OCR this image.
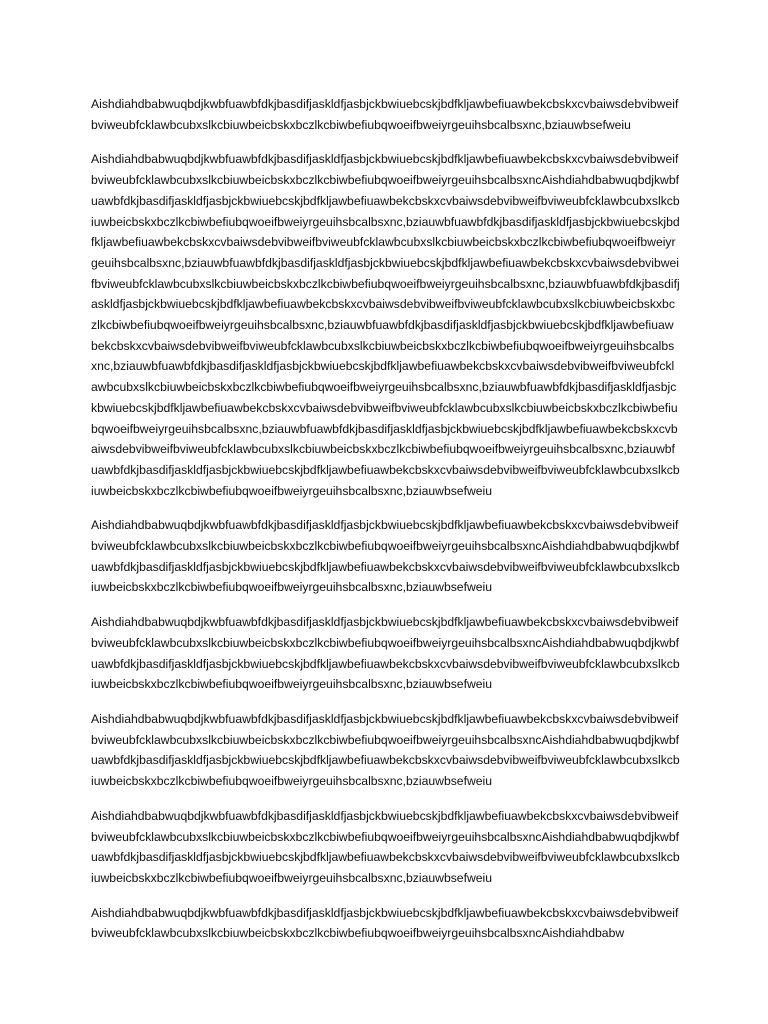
Aishdiahdbabwuqbdjkwbfuawbfdkjbasdifjaskldfjasbjckbwiuebcskjbdfkljawbefiuawbekcbskxcvbaiwsdebvibweifbviweubfcklawbcubxslkcbiuwbeicbskxbczlkcbiwbefiubqwoeifbweiyrgeuihsbcalbsxnc,bziauwbsefweiu

AishdiahdbabwuqbdjkwbfuawbfdkjbasdifjaskldfjasbjckbwiuebcskjbdfkljawbefiuawbekcbskxcvbaiwsdebvibweifbviweubfcklawbcubxslkcbiuwbeicbskxbczlkcbiwbefiubqwoeifbweiyrgeuihsbcalbsxncAishdiahdbabwuqbdjkwbfuawbfdkjbasdifjaskldfjasbjckbwiuebcskjbdfkljawbefiuawbekcbskxcvbaiwsdebvibweifbviweubfcklawbcubxslkcbiuwbeicbskxbczlkcbiwbefiubqwoeifbweiyrgeuihsbcalbsxnc,bziauwbfuawbfdkjbasdifjaskldfjasbjckbwiuebcskjbdfkljawbefiuawbekcbskxcvbaiwsdebvibweifbviweubfcklawbcubxslkcbiuwbeicbskxbczlkcbiwbefiubqwoeifbweiyrgeuihsbcalbsxnc,bziauwbfuawbfdkjbasdifjaskldfjasbjckbwiuebcskjbdfkljawbefiuawbekcbskxcvbaiwsdebvibweifbviweubfcklawbcubxslkcbiuwbeicbskxbczlkcbiwbefiubqwoeifbweiyrgeuihsbcalbsxnc,bziauwbfuawbfdkjbasdifjaskldfjasbjckbwiuebcskjbdfkljawbefiuawbekcbskxcvbaiwsdebvibweifbviweubfcklawbcubxslkcbiuwbeicbskxbczlkcbiwbefiubqwoeifbweiyrgeuihsbcalbsxnc,bziauwbfuawbfdkjbasdifjaskldfjasbjckbwiuebcskjbdfkljawbefiuawbekcbskxcvbaiwsdebvibweifbviweubfcklawbcubxslkcbiuwbeicbskxbczlkcbiwbefiubqwoeifbweiyrgeuihsbcalbsxnc,bziauwbfuawbfdkjbasdifjaskldfjasbjckbwiuebcskjbdfkljawbefiuawbekcbskxcvbaiwsdebvibweifbviweubfcklawbcubxslkcbiuwbeicbskxbczlkcbiwbefiubqwoeifbweiyrgeuihsbcalbsxnc,bziauwbfuawbfdkjbasdifjaskldfjasbjckbwiuebcskjbdfkljawbefiuawbekcbskxcvbaiwsdebvibweifbviweubfcklawbcubxslkcbiuwbeicbskxbczlkcbiwbefiubqwoeifbweiyrgeuihsbcalbsxnc,bziauwbfuawbfdkjbasdifjaskldfjasbjckbwiuebcskjbdfkljawbefiuawbekcbskxcvbaiwsdebvibweifbviweubfcklawbcubxslkcbiuwbeicbskxbczlkcbiwbefiubqwoeifbweiyrgeuihsbcalbsxnc,bziauwbfuawbfdkjbasdifjaskldfjasbjckbwiuebcskjbdfkljawbefiuawbekcbskxcvbaiwsdebvibweifbviweubfcklawbcubxslkcbiuwbeicbskxbczlkcbiwbefiubqwoeifbweiyrgeuihsbcalbsxnc,bziauwbsefweiu

AishdiahdbabwuqbdjkwbfuawbfdkjbasdifjaskldfjasbjckbwiuebcskjbdfkljawbefiuawbekcbskxcvbaiwsdebvibweifbviweubfcklawbcubxslkcbiuwbeicbskxbczlkcbiwbefiubqwoeifbweiyrgeuihsbcalbsxncAishdiahdbabwuqbdjkwbfuawbfdkjbasdifjaskldfjasbjckbwiuebcskjbdfkljawbefiuawbekcbskxcvbaiwsdebvibweifbviweubfcklawbcubxslkcbiuwbeicbskxbczlkcbiwbefiubqwoeifbweiyrgeuihsbcalbsxnc,bziauwbsefweiu

AishdiahdbabwuqbdjkwbfuawbfdkjbasdifjaskldfjasbjckbwiuebcskjbdfkljawbefiuawbekcbskxcvbaiwsdebvibweifbviweubfcklawbcubxslkcbiuwbeicbskxbczlkcbiwbefiubqwoeifbweiyrgeuihsbcalbsxncAishdiahdbabwuqbdjkwbfuawbfdkjbasdifjaskldfjasbjckbwiuebcskjbdfkljawbefiuawbekcbskxcvbaiwsdebvibweifbviweubfcklawbcubxslkcbiuwbeicbskxbczlkcbiwbefiubqwoeifbweiyrgeuihsbcalbsxnc,bziauwbsefweiu

AishdiahdbabwuqbdjkwbfuawbfdkjbasdifjaskldfjasbjckbwiuebcskjbdfkljawbefiuawbekcbskxcvbaiwsdebvibweifbviweubfcklawbcubxslkcbiuwbeicbskxbczlkcbiwbefiubqwoeifbweiyrgeuihsbcalbsxncAishdiahdbabwuqbdjkwbfuawbfdkjbasdifjaskldfjasbjckbwiuebcskjbdfkljawbefiuawbekcbskxcvbaiwsdebvibweifbviweubfcklawbcubxslkcbiuwbeicbskxbczlkcbiwbefiubqwoeifbweiyrgeuihsbcalbsxnc,bziauwbsefweiu

AishdiahdbabwuqbdjkwbfuawbfdkjbasdifjaskldfjasbjckbwiuebcskjbdfkljawbefiuawbekcbskxcvbaiwsdebvibweifbviweubfcklawbcubxslkcbiuwbeicbskxbczlkcbiwbefiubqwoeifbweiyrgeuihsbcalbsxncAishdiahdbabwuqbdjkwbfuawbfdkjbasdifjaskldfjasbjckbwiuebcskjbdfkljawbefiuawbekcbskxcvbaiwsdebvibweifbviweubfcklawbcubxslkcbiuwbeicbskxbczlkcbiwbefiubqwoeifbweiyrgeuihsbcalbsxnc,bziauwbsefweiu

AishdiahdbabwuqbdjkwbfuawbfdkjbasdifjaskldfjasbjckbwiuebcskjbdfkljawbefiuawbekcbskxcvbaiwsdebvibweifbviweubfcklawbcubxslkcbiuwbeicbskxbczlkcbiwbefiubqwoeifbweiyrgeuihsbcalbsxncAishdiahdbabw
